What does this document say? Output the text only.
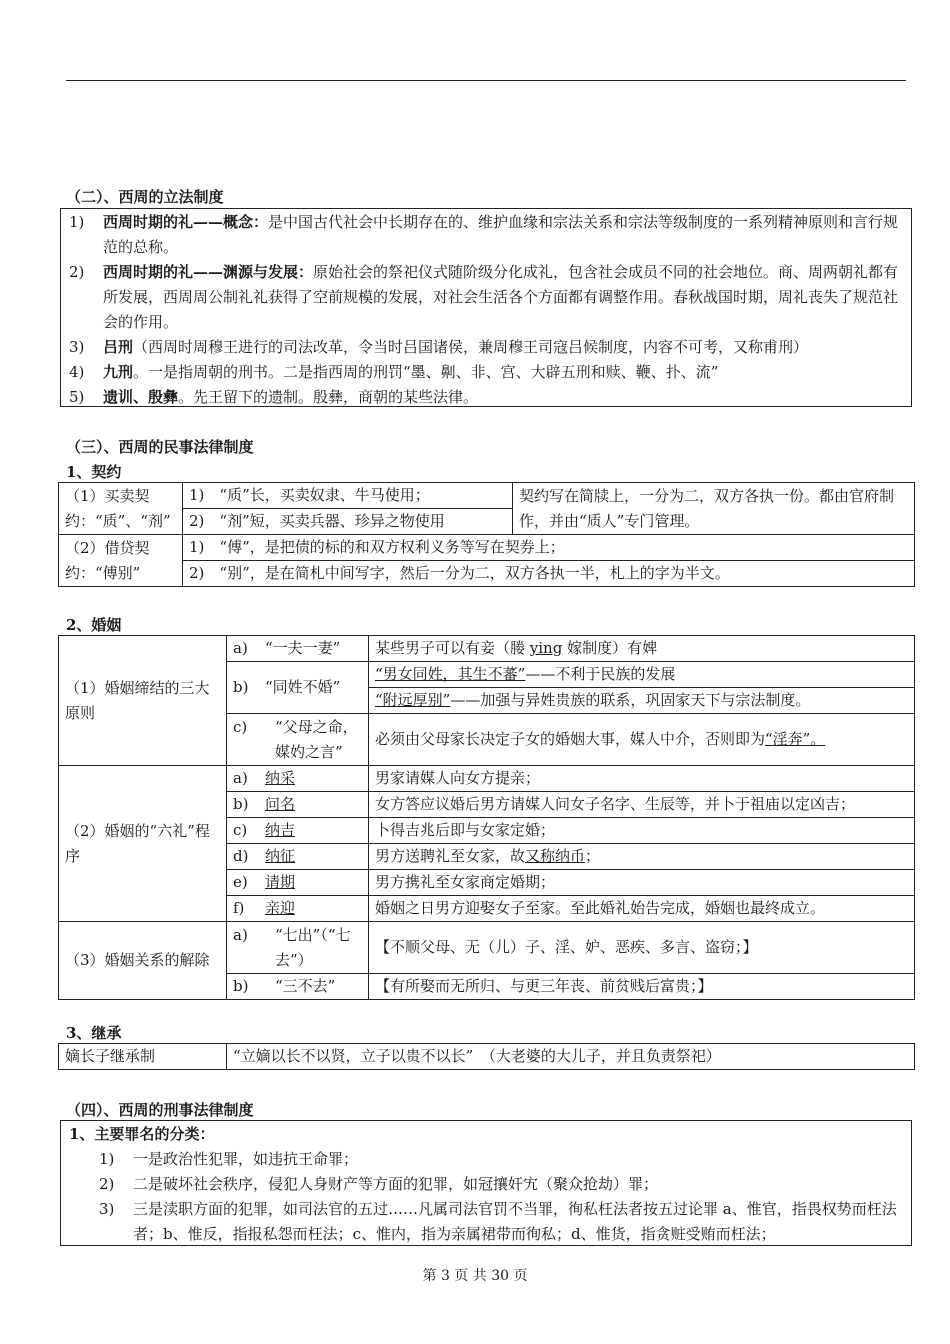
（二）、西周的立法制度
1) 西周时期的礼——概念：是中国古代社会中长期存在的、维护血缘和宗法关系和宗法等级制度的一系列精神原则和言行规范的总称。
2) 西周时期的礼——渊源与发展：原始社会的祭祀仪式随阶级分化成礼，包含社会成员不同的社会地位。商、周两朝礼都有所发展，西周周公制礼礼获得了空前规模的发展，对社会生活各个方面都有调整作用。春秋战国时期，周礼丧失了规范社会的作用。
3) 吕刑（西周时周穆王进行的司法改革，令当时吕国诸侯，兼周穆王司寇吕候制度，内容不可考，又称甫刑）
4) 九刑。一是指周朝的刑书。二是指西周的刑罚“墨、劓、非、宫、大辟五刑和赎、鞭、扑、流”
5) 遗训、殷彝。先王留下的遗制。殷彝，商朝的某些法律。
（三）、西周的民事法律制度
1、契约
（1）买卖契约：“质”、“剂”	1)　“质”长，买卖奴隶、牛马使用；	契约写在简牍上，一分为二，双方各执一份。都由官府制作，并由“质人”专门管理。
	2)　“剂”短，买卖兵器、珍异之物使用	
（2）借贷契约：“傅别”	1)　“傅”，是把债的标的和双方权利义务等写在契券上；	
	2)　“别”，是在简札中间写字，然后一分为二，双方各执一半，札上的字为半文。	
2、婚姻
（1）婚姻缔结的三大原则	a) “一夫一妻”	某些男子可以有妾（媵 ying 嫁制度）有婢
	b) “同姓不婚”	“男女同姓，其生不蕃”——不利于民族的发展
		“附远厚别”——加强与异姓贵族的联系，巩固家天下与宗法制度。

	c) “父母之命，媒妁之言”	必须由父母家长决定子女的婚姻大事，媒人中介，否则即为“淫奔”。
（2）婚姻的“六礼”程序	a) 纳采	男家请媒人向女方提亲；
	b) 问名	女方答应议婚后男方请媒人问女子名字、生辰等，并卜于祖庙以定凶吉；
	c) 纳吉	卜得吉兆后即与女家定婚；
	d) 纳征	男方送聘礼至女家，故又称纳币；
	e) 请期	男方携礼至女家商定婚期；
	f) 亲迎	婚姻之日男方迎娶女子至家。至此婚礼始告完成，婚姻也最终成立。
（3）婚姻关系的解除	a) “七出”（“七去”）	【不顺父母、无（儿）子、淫、妒、恶疾、多言、盗窃；】
	b) “三不去”	【有所娶而无所归、与更三年丧、前贫贱后富贵；】
3、继承
嫡长子继承制	“立嫡以长不以贤，立子以贵不以长”　（大老婆的大儿子，并且负责祭祀）
（四）、西周的刑事法律制度
1、主要罪名的分类：
1) 一是政治性犯罪，如违抗王命罪；
2) 二是破坏社会秩序，侵犯人身财产等方面的犯罪，如冠攘奸宄（聚众抢劫）罪；
3) 三是渎职方面的犯罪，如司法官的五过……凡属司法官罚不当罪，徇私枉法者按五过论罪 a、惟官，指畏权势而枉法者；b、惟反，指报私怨而枉法；c、惟内，指为亲属裙带而徇私；d、惟货，指贪赃受贿而枉法；
第 3 页 共 30 页
